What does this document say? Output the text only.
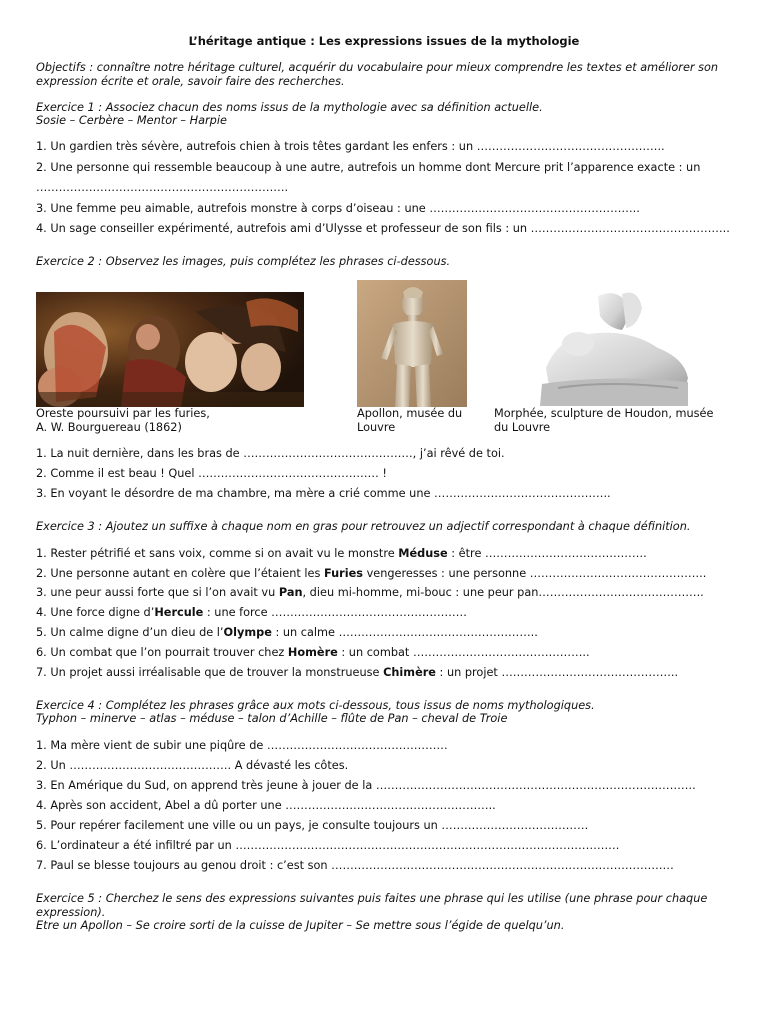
L’héritage antique : Les expressions issues de la mythologie
Objectifs : connaître notre héritage culturel, acquérir du vocabulaire pour mieux comprendre les textes et améliorer son expression écrite et orale, savoir faire des recherches.
Exercice 1 : Associez chacun des noms issus de la mythologie avec sa définition actuelle.
Sosie – Cerbère – Mentor – Harpie
1. Un gardien très sévère, autrefois chien à trois têtes gardant les enfers : un …………………………………………..
2. Une personne qui ressemble beaucoup à une autre, autrefois un homme dont Mercure prit l’apparence exacte : un
………………………………………………………….
3. Une femme peu aimable, autrefois monstre à corps d’oiseau : une ………………………………………………..
4. Un sage conseiller expérimenté, autrefois ami d’Ulysse et professeur de son fils : un ……………………………………………..
Exercice 2 : Observez les images, puis complétez les phrases ci-dessous.
Oreste poursuivi par les furies,
A. W. Bourguereau (1862)
Apollon, musée du
Louvre
Morphée, sculpture de Houdon, musée
du Louvre
1. La nuit dernière, dans les bras de ………………………………………, j’ai rêvé de toi.
2. Comme il est beau ! Quel ………………………………………… !
3. En voyant le désordre de ma chambre, ma mère a crié comme une ………………………………………..
Exercice 3 : Ajoutez un suffixe à chaque nom en gras pour retrouvez un adjectif correspondant à chaque définition.
1. Rester pétrifié et sans voix, comme si on avait vu le monstre Méduse : être …………………………………….
2. Une personne autant en colère que l’étaient les Furies vengeresses : une personne ………………………………………..
3. une peur aussi forte que si l’on avait vu Pan, dieu mi-homme, mi-bouc : une peur pan……………………………………..
4. Une force digne d’Hercule : une force …………………………………………….
5. Un calme digne d’un dieu de l’Olympe : un calme ……………………………………………..
6. Un combat que l’on pourrait trouver chez Homère : un combat ………………………………………..
7. Un projet aussi irréalisable que de trouver la monstrueuse Chimère : un projet ………………………………………..
Exercice 4 : Complétez les phrases grâce aux mots ci-dessous, tous issus de noms mythologiques.
Typhon – minerve – atlas – méduse – talon d’Achille – flûte de Pan – cheval de Troie
1. Ma mère vient de subir une piqûre de …………………………………………
2. Un ……………………………………. A dévasté les côtes.
3. En Amérique du Sud, on apprend très jeune à jouer de la ………………………………………………………………………….
4. Après son accident, Abel a dû porter une ………………………………………………..
5. Pour repérer facilement une ville ou un pays, je consulte toujours un …………………………………
6. L’ordinateur a été infiltré par un …………………………………………………………………………………………
7. Paul se blesse toujours au genou droit : c’est son ……………………………………………………………………………….
Exercice 5 : Cherchez le sens des expressions suivantes puis faites une phrase qui les utilise (une phrase pour chaque expression).
Etre un Apollon – Se croire sorti de la cuisse de Jupiter – Se mettre sous l’égide de quelqu’un.
